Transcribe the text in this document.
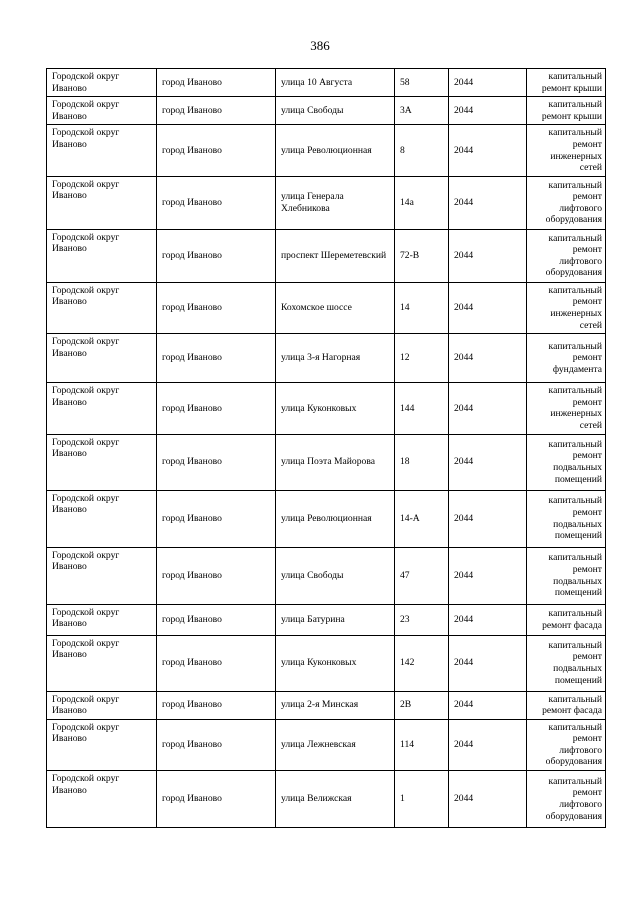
386
Городской округ Иваново	город Иваново	улица 10 Августа	58	2044	капитальный ремонт крыши
Городской округ Иваново	город Иваново	улица Свободы	3А	2044	капитальный ремонт крыши
Городской округ Иваново	город Иваново	улица Революционная	8	2044	капитальный ремонт инженерных сетей
Городской округ Иваново	город Иваново	улица Генерала Хлебникова	14а	2044	капитальный ремонт лифтового оборудования
Городской округ Иваново	город Иваново	проспект Шереметевский	72-В	2044	капитальный ремонт лифтового оборудования
Городской округ Иваново	город Иваново	Кохомское шоссе	14	2044	капитальный ремонт инженерных сетей
Городской округ Иваново	город Иваново	улица 3-я Нагорная	12	2044	капитальный ремонт фундамента
Городской округ Иваново	город Иваново	улица Куконковых	144	2044	капитальный ремонт инженерных сетей
Городской округ Иваново	город Иваново	улица Поэта Майорова	18	2044	капитальный ремонт подвальных помещений
Городской округ Иваново	город Иваново	улица Революционная	14-А	2044	капитальный ремонт подвальных помещений
Городской округ Иваново	город Иваново	улица Свободы	47	2044	капитальный ремонт подвальных помещений
Городской округ Иваново	город Иваново	улица Батурина	23	2044	капитальный ремонт фасада
Городской округ Иваново	город Иваново	улица Куконковых	142	2044	капитальный ремонт подвальных помещений
Городской округ Иваново	город Иваново	улица 2-я Минская	2В	2044	капитальный ремонт фасада
Городской округ Иваново	город Иваново	улица Лежневская	114	2044	капитальный ремонт лифтового оборудования
Городской округ Иваново	город Иваново	улица Велижская	1	2044	капитальный ремонт лифтового оборудования
